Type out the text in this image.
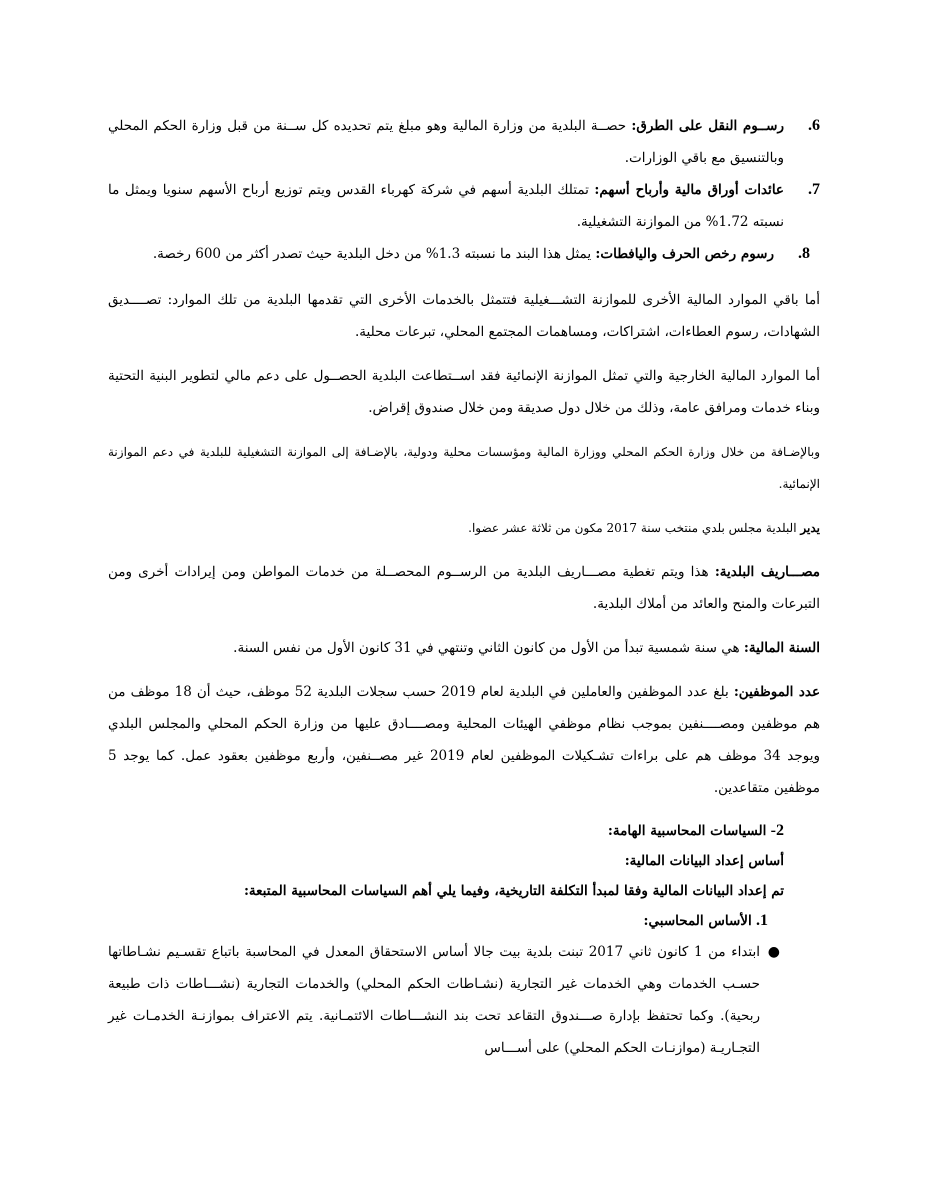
6.
رســوم النقل على الطرق: حصــة البلدية من وزارة المالية وهو مبلغ يتم تحديده كل ســنة من قبل وزارة الحكم المحلي وبالتنسيق مع باقي الوزارات.
7.
عائدات أوراق مالية وأرباح أسهم: تمتلك البلدية أسهم في شركة كهرباء القدس ويتم توزيع أرباح الأسهم سنويا ويمثل ما نسبته 1.72% من الموازنة التشغيلية.
8.
رسوم رخص الحرف واليافطات: يمثل هذا البند ما نسبته 1.3% من دخل البلدية حيث تصدر أكثر من 600 رخصة.

أما باقي الموارد المالية الأخرى للموازنة التشـــغيلية فتتمثل بالخدمات الأخرى التي تقدمها البلدية من تلك الموارد: تصــــديق الشهادات، رسوم العطاءات، اشتراكات، ومساهمات المجتمع المحلي، تبرعات محلية.

أما الموارد المالية الخارجية والتي تمثل الموازنة الإنمائية فقد اســتطاعت البلدية الحصــول على دعم مالي لتطوير البنية التحتية وبناء خدمات ومرافق عامة، وذلك من خلال دول صديقة ومن خلال صندوق إقراض.

وبالإضـافة من خلال وزارة الحكم المحلي ووزارة المالية ومؤسسات محلية ودولية، بالإضـافة إلى الموازنة التشغيلية للبلدية في دعم الموازنة الإنمائية.

يدير البلدية مجلس بلدي منتخب سنة 2017 مكون من ثلاثة عشر عضوا.

مصـــاريف البلدية: هذا ويتم تغطية مصـــاريف البلدية من الرســوم المحصــلة من خدمات المواطن ومن إيرادات أخرى ومن التبرعات والمنح والعائد من أملاك البلدية.

السنة المالية: هي سنة شمسية تبدأ من الأول من كانون الثاني وتنتهي في 31 كانون الأول من نفس السنة.

عدد الموظفين: بلغ عدد الموظفين والعاملين في البلدية لعام 2019 حسب سجلات البلدية 52 موظف، حيث أن 18 موظف من هم موظفين ومصــــنفين بموجب نظام موظفي الهيئات المحلية ومصــــادق عليها من وزارة الحكم المحلي والمجلس البلدي ويوجد 34 موظف هم على براءات تشـكيلات الموظفين لعام 2019 غير مصــنفين، وأربع موظفين بعقود عمل. كما يوجد 5 موظفين متقاعدين.

2- السياسات المحاسبية الهامة:
أساس إعداد البيانات المالية:
تم إعداد البيانات المالية وفقا لمبدأ التكلفة التاريخية، وفيما يلي أهم السياسات المحاسبية المتبعة:
1. الأساس المحاسبي:
●
ابتداء من 1 كانون ثاني 2017 تبنت بلدية بيت جالا أساس الاستحقاق المعدل في المحاسبة باتباع تقسـيم نشـاطاتها حسـب الخدمات وهي الخدمات غير التجارية (نشـاطات الحكم المحلي) والخدمات التجارية (نشـــاطات ذات طبيعة ربحية). وكما تحتفظ بإدارة صـــندوق التقاعد تحت بند النشـــاطات الائتمـانية. يتم الاعتراف بموازنـة الخدمـات غير التجـاريـة (موازنـات الحكم المحلي) على أســـاس
